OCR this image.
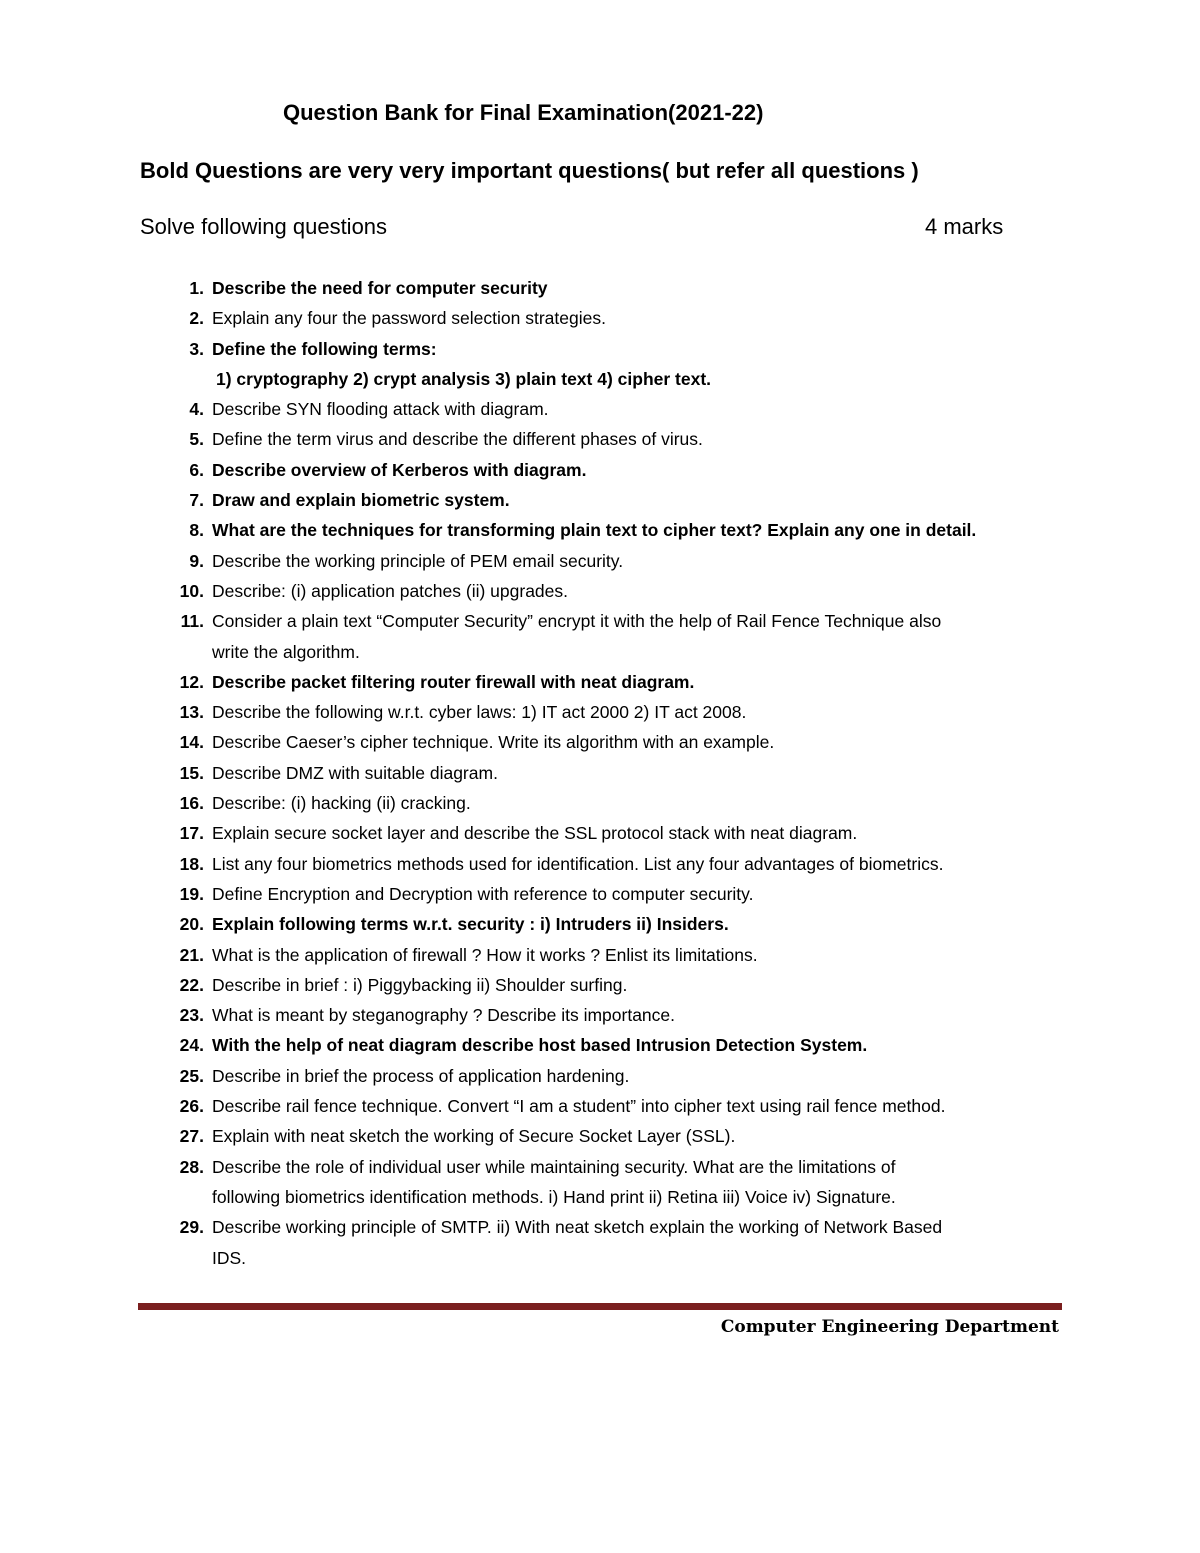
Question Bank for Final Examination(2021-22)
Bold Questions are very very important questions( but refer all questions )
Solve following questions	4 marks
1. Describe the need for computer security
2. Explain any four the password selection strategies.
3. Define the following terms:
1) cryptography 2) crypt analysis 3) plain text 4) cipher text.
4. Describe SYN flooding attack with diagram.
5. Define the term virus and describe the different phases of virus.
6. Describe overview of Kerberos with diagram.
7. Draw and explain biometric system.
8. What are the techniques for transforming plain text to cipher text? Explain any one in detail.
9. Describe the working principle of PEM email security.
10. Describe: (i) application patches (ii) upgrades.
11. Consider a plain text “Computer Security” encrypt it with the help of Rail Fence Technique also
write the algorithm.
12. Describe packet filtering router firewall with neat diagram.
13. Describe the following w.r.t. cyber laws: 1) IT act 2000 2) IT act 2008.
14. Describe Caeser’s cipher technique. Write its algorithm with an example.
15. Describe DMZ with suitable diagram.
16. Describe: (i) hacking (ii) cracking.
17. Explain secure socket layer and describe the SSL protocol stack with neat diagram.
18. List any four biometrics methods used for identification. List any four advantages of biometrics.
19. Define Encryption and Decryption with reference to computer security.
20. Explain following terms w.r.t. security : i) Intruders ii) Insiders.
21. What is the application of firewall ? How it works ? Enlist its limitations.
22. Describe in brief : i) Piggybacking ii) Shoulder surfing.
23. What is meant by steganography ? Describe its importance.
24. With the help of neat diagram describe host based Intrusion Detection System.
25. Describe in brief the process of application hardening.
26. Describe rail fence technique. Convert “I am a student” into cipher text using rail fence method.
27. Explain with neat sketch the working of Secure Socket Layer (SSL).
28. Describe the role of individual user while maintaining security. What are the limitations of
following biometrics identification methods. i) Hand print ii) Retina iii) Voice iv) Signature.
29. Describe working principle of SMTP. ii) With neat sketch explain the working of Network Based
IDS.
Computer Engineering Department
